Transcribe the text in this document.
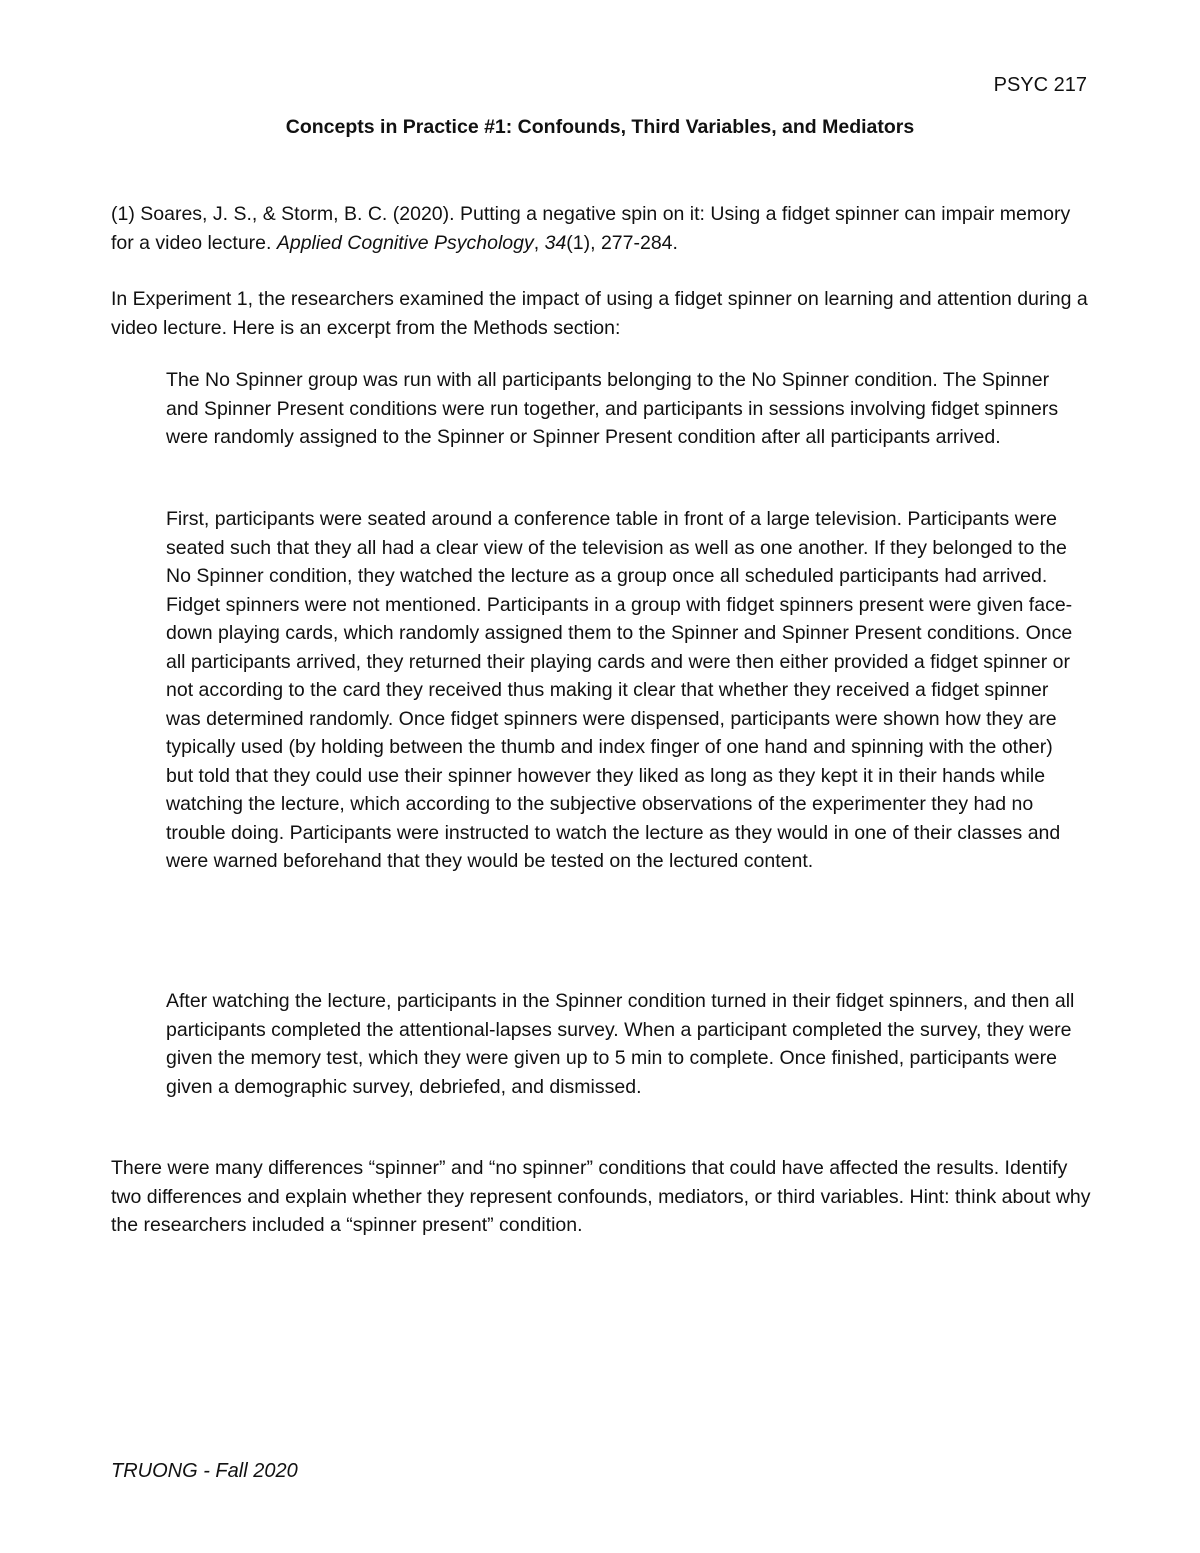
PSYC 217
Concepts in Practice #1: Confounds, Third Variables, and Mediators

(1) Soares, J. S., & Storm, B. C. (2020). Putting a negative spin on it: Using a fidget spinner can impair memory for a video lecture. Applied Cognitive Psychology, 34(1), 277-284.

In Experiment 1, the researchers examined the impact of using a fidget spinner on learning and attention during a video lecture. Here is an excerpt from the Methods section:

The No Spinner group was run with all participants belonging to the No Spinner condition. The Spinner and Spinner Present conditions were run together, and participants in sessions involving fidget spinners were randomly assigned to the Spinner or Spinner Present condition after all participants arrived.

First, participants were seated around a conference table in front of a large television. Participants were seated such that they all had a clear view of the television as well as one another. If they belonged to the No Spinner condition, they watched the lecture as a group once all scheduled participants had arrived. Fidget spinners were not mentioned. Participants in a group with fidget spinners present were given face-down playing cards, which randomly assigned them to the Spinner and Spinner Present conditions. Once all participants arrived, they returned their playing cards and were then either provided a fidget spinner or not according to the card they received thus making it clear that whether they received a fidget spinner was determined randomly. Once fidget spinners were dispensed, participants were shown how they are typically used (by holding between the thumb and index finger of one hand and spinning with the other) but told that they could use their spinner however they liked as long as they kept it in their hands while watching the lecture, which according to the subjective observations of the experimenter they had no trouble doing. Participants were instructed to watch the lecture as they would in one of their classes and were warned beforehand that they would be tested on the lectured content.

After watching the lecture, participants in the Spinner condition turned in their fidget spinners, and then all participants completed the attentional-lapses survey. When a participant completed the survey, they were given the memory test, which they were given up to 5 min to complete. Once finished, participants were given a demographic survey, debriefed, and dismissed.

There were many differences “spinner” and “no spinner” conditions that could have affected the results. Identify two differences and explain whether they represent confounds, mediators, or third variables. Hint: think about why the researchers included a “spinner present” condition.

TRUONG - Fall 2020
